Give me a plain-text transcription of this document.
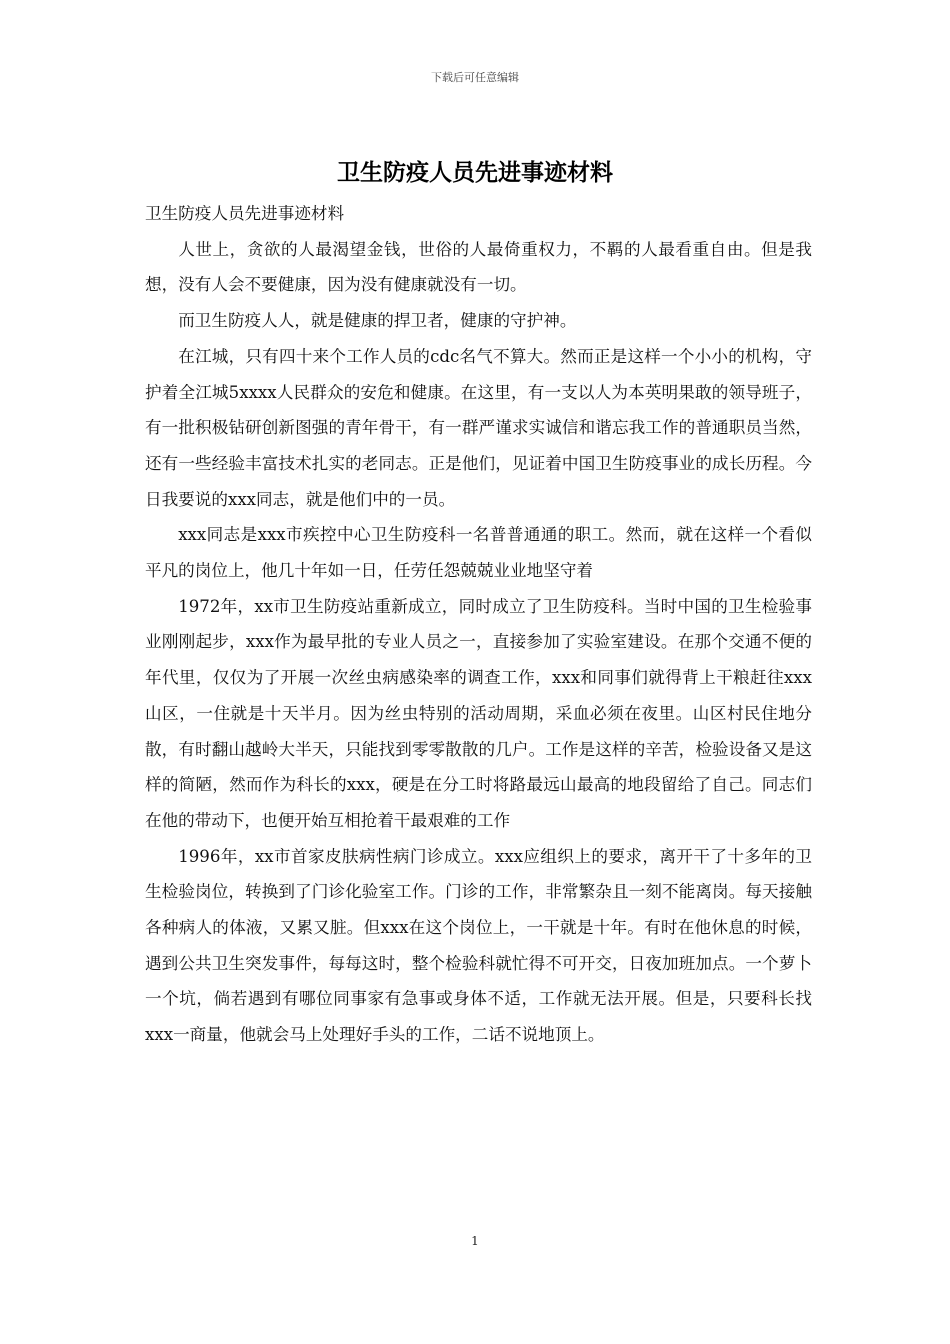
下载后可任意编辑
卫生防疫人员先进事迹材料

卫生防疫人员先进事迹材料

人世上，贪欲的人最渴望金钱，世俗的人最倚重权力，不羁的人最看重自由。但是我想，没有人会不要健康，因为没有健康就没有一切。

而卫生防疫人人，就是健康的捍卫者，健康的守护神。

在江城，只有四十来个工作人员的cdc名气不算大。然而正是这样一个小小的机构，守护着全江城5xxxx人民群众的安危和健康。在这里，有一支以人为本英明果敢的领导班子，有一批积极钻研创新图强的青年骨干，有一群严谨求实诚信和谐忘我工作的普通职员当然，还有一些经验丰富技术扎实的老同志。正是他们，见证着中国卫生防疫事业的成长历程。今日我要说的xxx同志，就是他们中的一员。

xxx同志是xxx市疾控中心卫生防疫科一名普普通通的职工。然而，就在这样一个看似平凡的岗位上，他几十年如一日，任劳任怨兢兢业业地坚守着

1972年，xx市卫生防疫站重新成立，同时成立了卫生防疫科。当时中国的卫生检验事业刚刚起步，xxx作为最早批的专业人员之一，直接参加了实验室建设。在那个交通不便的年代里，仅仅为了开展一次丝虫病感染率的调查工作，xxx和同事们就得背上干粮赶往xxx山区，一住就是十天半月。因为丝虫特别的活动周期，采血必须在夜里。山区村民住地分散，有时翻山越岭大半天，只能找到零零散散的几户。工作是这样的辛苦，检验设备又是这样的简陋，然而作为科长的xxx，硬是在分工时将路最远山最高的地段留给了自己。同志们在他的带动下，也便开始互相抢着干最艰难的工作

1996年，xx市首家皮肤病性病门诊成立。xxx应组织上的要求，离开干了十多年的卫生检验岗位，转换到了门诊化验室工作。门诊的工作，非常繁杂且一刻不能离岗。每天接触各种病人的体液，又累又脏。但xxx在这个岗位上，一干就是十年。有时在他休息的时候，遇到公共卫生突发事件，每每这时，整个检验科就忙得不可开交，日夜加班加点。一个萝卜一个坑，倘若遇到有哪位同事家有急事或身体不适，工作就无法开展。但是，只要科长找xxx一商量，他就会马上处理好手头的工作，二话不说地顶上。

1
